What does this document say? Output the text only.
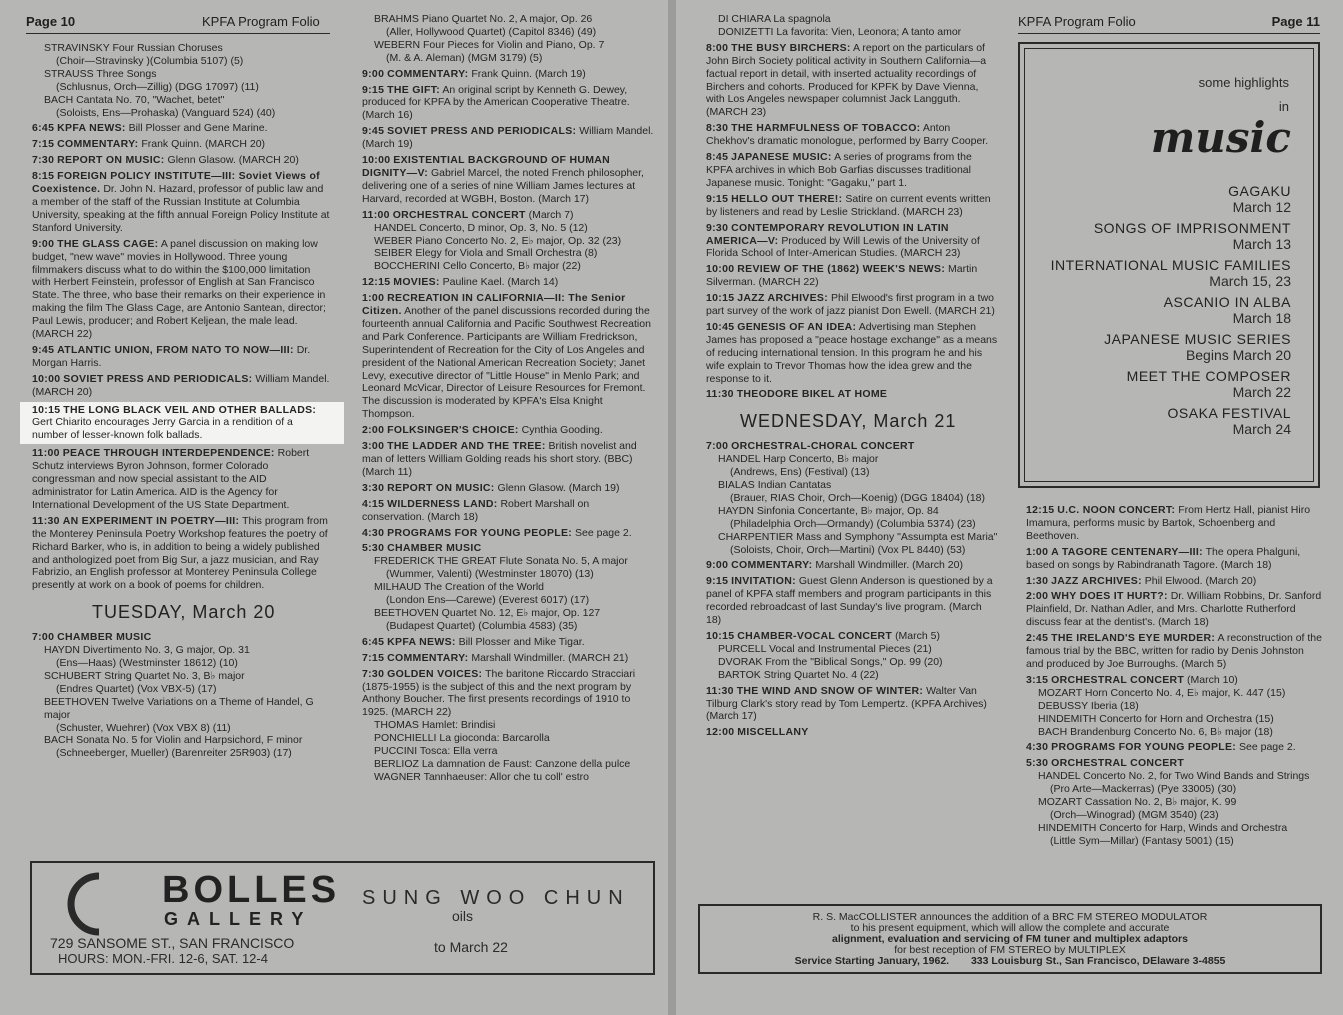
Page 10	KPFA Program Folio
STRAVINSKY Four Russian Choruses
(Choir—Stravinsky )(Columbia 5107) (5)
STRAUSS Three Songs
(Schlusnus, Orch—Zillig) (DGG 17097) (11)
BACH Cantata No. 70, "Wachet, betet"
(Soloists, Ens—Prohaska) (Vanguard 524) (40)
6:45 KPFA NEWS: Bill Plosser and Gene Marine.
7:15 COMMENTARY: Frank Quinn. (MARCH 20)
7:30 REPORT ON MUSIC: Glenn Glasow. (MARCH 20)
8:15 FOREIGN POLICY INSTITUTE—III: Soviet Views of Coexistence. Dr. John N. Hazard, professor of public law and a member of the staff of the Russian Institute at Columbia University, speaking at the fifth annual Foreign Policy Institute at Stanford University.
9:00 THE GLASS CAGE: A panel discussion on making low budget, "new wave" movies in Hollywood. Three young filmmakers discuss what to do within the $100,000 limitation with Herbert Feinstein, professor of English at San Francisco State. The three, who base their remarks on their experience in making the film The Glass Cage, are Antonio Santean, director; Paul Lewis, producer; and Robert Keljean, the male lead. (MARCH 22)
9:45 ATLANTIC UNION, FROM NATO TO NOW—III: Dr. Morgan Harris.
10:00 SOVIET PRESS AND PERIODICALS: William Mandel. (MARCH 20)
10:15 THE LONG BLACK VEIL AND OTHER BALLADS: Gert Chiarito encourages Jerry Garcia in a rendition of a number of lesser-known folk ballads.
11:00 PEACE THROUGH INTERDEPENDENCE: Robert Schutz interviews Byron Johnson, former Colorado congressman and now special assistant to the AID administrator for Latin America. AID is the Agency for International Development of the US State Department.
11:30 AN EXPERIMENT IN POETRY—III: This program from the Monterey Peninsula Poetry Workshop features the poetry of Richard Barker, who is, in addition to being a widely published and anthologized poet from Big Sur, a jazz musician, and Ray Fabrizio, an English professor at Monterey Peninsula College presently at work on a book of poems for children.
TUESDAY, March 20
7:00 CHAMBER MUSIC
HAYDN Divertimento No. 3, G major, Op. 31
(Ens—Haas) (Westminster 18612) (10)
SCHUBERT String Quartet No. 3, B♭ major
(Endres Quartet) (Vox VBX-5) (17)
BEETHOVEN Twelve Variations on a Theme of Handel, G major
(Schuster, Wuehrer) (Vox VBX 8) (11)
BACH Sonata No. 5 for Violin and Harpsichord, F minor
(Schneeberger, Mueller) (Barenreiter 25R903) (17)
BRAHMS Piano Quartet No. 2, A major, Op. 26
(Aller, Hollywood Quartet) (Capitol 8346) (49)
WEBERN Four Pieces for Violin and Piano, Op. 7
(M. & A. Aleman) (MGM 3179) (5)
9:00 COMMENTARY: Frank Quinn. (March 19)
9:15 THE GIFT: An original script by Kenneth G. Dewey, produced for KPFA by the American Cooperative Theatre. (March 16)
9:45 SOVIET PRESS AND PERIODICALS: William Mandel. (March 19)
10:00 EXISTENTIAL BACKGROUND OF HUMAN DIGNITY—V: Gabriel Marcel, the noted French philosopher, delivering one of a series of nine William James lectures at Harvard, recorded at WGBH, Boston. (March 17)
11:00 ORCHESTRAL CONCERT (March 7)
HANDEL Concerto, D minor, Op. 3, No. 5 (12)
WEBER Piano Concerto No. 2, E♭ major, Op. 32 (23)
SEIBER Elegy for Viola and Small Orchestra (8)
BOCCHERINI Cello Concerto, B♭ major (22)
12:15 MOVIES: Pauline Kael. (March 14)
1:00 RECREATION IN CALIFORNIA—II: The Senior Citizen. Another of the panel discussions recorded during the fourteenth annual California and Pacific Southwest Recreation and Park Conference. Participants are William Fredrickson, Superintendent of Recreation for the City of Los Angeles and president of the National American Recreation Society; Janet Levy, executive director of "Little House" in Menlo Park; and Leonard McVicar, Director of Leisure Resources for Fremont. The discussion is moderated by KPFA's Elsa Knight Thompson.
2:00 FOLKSINGER'S CHOICE: Cynthia Gooding.
3:00 THE LADDER AND THE TREE: British novelist and man of letters William Golding reads his short story. (BBC) (March 11)
3:30 REPORT ON MUSIC: Glenn Glasow. (March 19)
4:15 WILDERNESS LAND: Robert Marshall on conservation. (March 18)
4:30 PROGRAMS FOR YOUNG PEOPLE: See page 2.
5:30 CHAMBER MUSIC
FREDERICK THE GREAT Flute Sonata No. 5, A major
(Wummer, Valenti) (Westminster 18070) (13)
MILHAUD The Creation of the World
(London Ens—Carewe) (Everest 6017) (17)
BEETHOVEN Quartet No. 12, E♭ major, Op. 127
(Budapest Quartet) (Columbia 4583) (35)
6:45 KPFA NEWS: Bill Plosser and Mike Tigar.
7:15 COMMENTARY: Marshall Windmiller. (MARCH 21)
7:30 GOLDEN VOICES: The baritone Riccardo Stracciari (1875-1955) is the subject of this and the next program by Anthony Boucher. The first presents recordings of 1910 to 1925. (MARCH 22)
THOMAS Hamlet: Brindisi
PONCHIELLI La gioconda: Barcarolla
PUCCINI Tosca: Ella verra
BERLIOZ La damnation de Faust: Canzone della pulce
WAGNER Tannhaeuser: Allor che tu coll' estro
BOLLES
GALLERY
729 SANSOME ST., SAN FRANCISCO
HOURS: MON.-FRI. 12-6, SAT. 12-4
SUNG WOO CHUN
oils
to March 22
KPFA Program Folio	Page 11
DI CHIARA La spagnola
DONIZETTI La favorita: Vien, Leonora; A tanto amor
8:00 THE BUSY BIRCHERS: A report on the particulars of John Birch Society political activity in Southern California—a factual report in detail, with inserted actuality recordings of Birchers and cohorts. Produced for KPFK by Dave Vienna, with Los Angeles newspaper columnist Jack Langguth. (MARCH 23)
8:30 THE HARMFULNESS OF TOBACCO: Anton Chekhov's dramatic monologue, performed by Barry Cooper.
8:45 JAPANESE MUSIC: A series of programs from the KPFA archives in which Bob Garfias discusses traditional Japanese music. Tonight: "Gagaku," part 1.
9:15 HELLO OUT THERE!: Satire on current events written by listeners and read by Leslie Strickland. (MARCH 23)
9:30 CONTEMPORARY REVOLUTION IN LATIN AMERICA—V: Produced by Will Lewis of the University of Florida School of Inter-American Studies. (MARCH 23)
10:00 REVIEW OF THE (1862) WEEK'S NEWS: Martin Silverman. (MARCH 22)
10:15 JAZZ ARCHIVES: Phil Elwood's first program in a two part survey of the work of jazz pianist Don Ewell. (MARCH 21)
10:45 GENESIS OF AN IDEA: Advertising man Stephen James has proposed a "peace hostage exchange" as a means of reducing international tension. In this program he and his wife explain to Trevor Thomas how the idea grew and the response to it.
11:30 THEODORE BIKEL AT HOME
WEDNESDAY, March 21
7:00 ORCHESTRAL-CHORAL CONCERT
HANDEL Harp Concerto, B♭ major
(Andrews, Ens) (Festival) (13)
BIALAS Indian Cantatas
(Brauer, RIAS Choir, Orch—Koenig) (DGG 18404) (18)
HAYDN Sinfonia Concertante, B♭ major, Op. 84
(Philadelphia Orch—Ormandy) (Columbia 5374) (23)
CHARPENTIER Mass and Symphony "Assumpta est Maria"
(Soloists, Choir, Orch—Martini) (Vox PL 8440) (53)
9:00 COMMENTARY: Marshall Windmiller. (March 20)
9:15 INVITATION: Guest Glenn Anderson is questioned by a panel of KPFA staff members and program participants in this recorded rebroadcast of last Sunday's live program. (March 18)
10:15 CHAMBER-VOCAL CONCERT (March 5)
PURCELL Vocal and Instrumental Pieces (21)
DVORAK From the "Biblical Songs," Op. 99 (20)
BARTOK String Quartet No. 4 (22)
11:30 THE WIND AND SNOW OF WINTER: Walter Van Tilburg Clark's story read by Tom Lempertz. (KPFA Archives) (March 17)
12:00 MISCELLANY
some highlights
in
music
GAGAKU
March 12
SONGS OF IMPRISONMENT
March 13
INTERNATIONAL MUSIC FAMILIES
March 15, 23
ASCANIO IN ALBA
March 18
JAPANESE MUSIC SERIES
Begins March 20
MEET THE COMPOSER
March 22
OSAKA FESTIVAL
March 24
12:15 U.C. NOON CONCERT: From Hertz Hall, pianist Hiro Imamura, performs music by Bartok, Schoenberg and Beethoven.
1:00 A TAGORE CENTENARY—III: The opera Phalguni, based on songs by Rabindranath Tagore. (March 18)
1:30 JAZZ ARCHIVES: Phil Elwood. (March 20)
2:00 WHY DOES IT HURT?: Dr. William Robbins, Dr. Sanford Plainfield, Dr. Nathan Adler, and Mrs. Charlotte Rutherford discuss fear at the dentist's. (March 18)
2:45 THE IRELAND'S EYE MURDER: A reconstruction of the famous trial by the BBC, written for radio by Denis Johnston and produced by Joe Burroughs. (March 5)
3:15 ORCHESTRAL CONCERT (March 10)
MOZART Horn Concerto No. 4, E♭ major, K. 447 (15)
DEBUSSY Iberia (18)
HINDEMITH Concerto for Horn and Orchestra (15)
BACH Brandenburg Concerto No. 6, B♭ major (18)
4:30 PROGRAMS FOR YOUNG PEOPLE: See page 2.
5:30 ORCHESTRAL CONCERT
HANDEL Concerto No. 2, for Two Wind Bands and Strings
(Pro Arte—Mackerras) (Pye 33005) (30)
MOZART Cassation No. 2, B♭ major, K. 99
(Orch—Winograd) (MGM 3540) (23)
HINDEMITH Concerto for Harp, Winds and Orchestra
(Little Sym—Millar) (Fantasy 5001) (15)
R. S. MacCOLLISTER announces the addition of a BRC FM STEREO MODULATOR
to his present equipment, which will allow the complete and accurate
alignment, evaluation and servicing of FM tuner and multiplex adaptors
for best reception of FM STEREO by MULTIPLEX
Service Starting January, 1962. 333 Louisburg St., San Francisco, DElaware 3-4855
